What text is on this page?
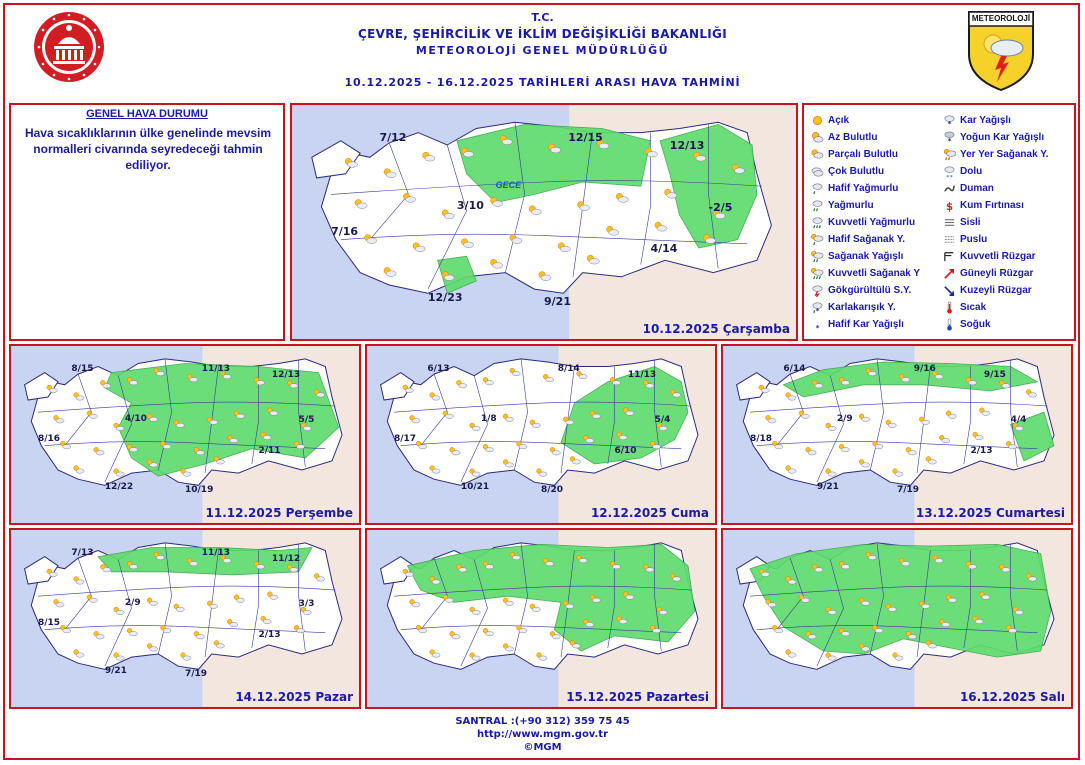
METEOROLOJİ
T.C.
ÇEVRE, ŞEHİRCİLİK VE İKLİM DEĞİŞİKLİĞİ BAKANLIĞI
METEOROLOJİ GENEL MÜDÜRLÜĞÜ
10.12.2025 - 16.12.2025 TARİHLERİ ARASI HAVA TAHMİNİ
GENEL HAVA DURUMU
Hava sıcaklıklarının ülke genelinde mevsim normalleri civarında seyredeceği tahmin ediliyor.
Açık
Az Bulutlu
Parçalı Bulutlu
Çok Bulutlu
Hafif Yağmurlu
Yağmurlu
Kuvvetli Yağmurlu
Hafif Sağanak Y.
Sağanak Yağışlı
Kuvvetli Sağanak Y
Gökgürültülü S.Y.
* Karlakarışık Y.
* Hafif Kar Yağışlı
* Kar Yağışlı
* Yoğun Kar Yağışlı
Yer Yer Sağanak Y.
Dolu
Duman
$ Kum Fırtınası
Sisli
Puslu
Kuvvetli Rüzgar
Güneyli Rüzgar
Kuzeyli Rüzgar
Sıcak
Soğuk
7/12	12/15
12/13
3/10	-2/5
7/16
4/14
12/23	9/21
GECE
10.12.2025 Çarşamba
8/15	11/13
12/13
4/10	5/5
8/16
2/11
12/22	10/19
11.12.2025 Perşembe
6/13	8/14
11/13
1/8	5/4
8/17
6/10
10/21	8/20
12.12.2025 Cuma
6/14	9/16
9/15
2/9	4/4
8/18
2/13
9/21	7/19
13.12.2025 Cumartesi
7/13	11/13
11/12
2/9	3/3
8/15
2/13
9/21	7/19
14.12.2025 Pazar	15.12.2025 Pazartesi	16.12.2025 Salı
SANTRAL :(+90 312) 359 75 45
http://www.mgm.gov.tr
©MGM
